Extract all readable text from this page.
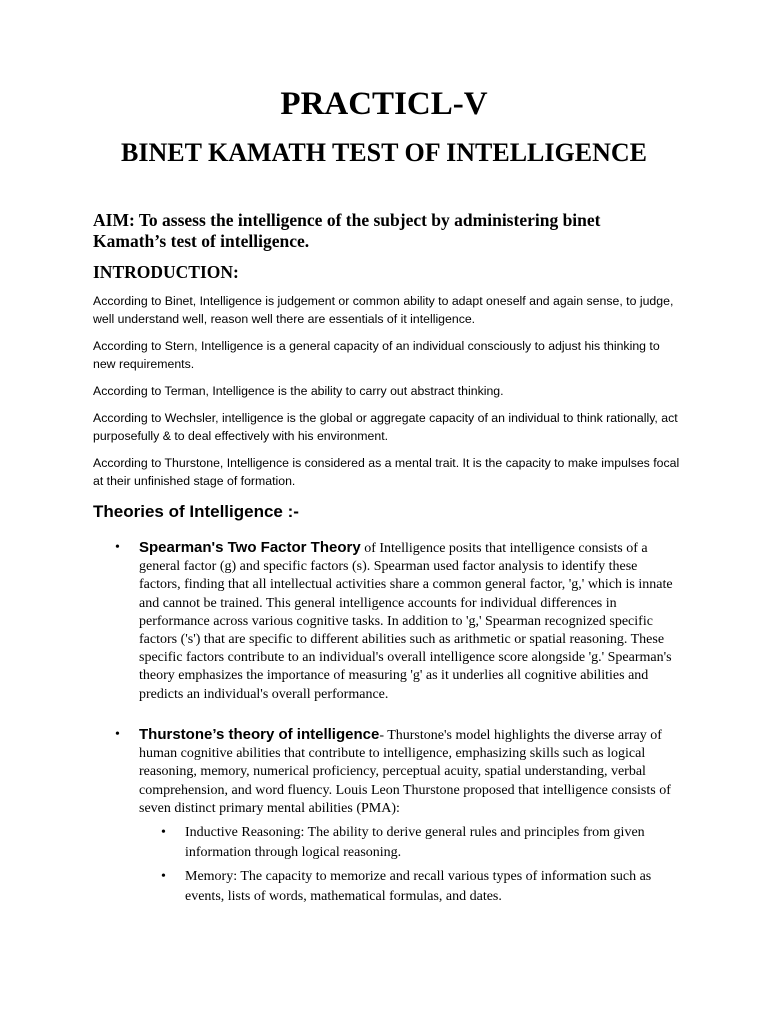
PRACTICL-V
BINET KAMATH TEST OF INTELLIGENCE

AIM: To assess the intelligence of the subject by administering binet Kamath’s test of intelligence.

INTRODUCTION:

According to Binet, Intelligence is judgement or common ability to adapt oneself and again sense, to judge, well understand well, reason well there are essentials of it intelligence.

According to Stern, Intelligence is a general capacity of an individual consciously to adjust his thinking to new requirements.

According to Terman, Intelligence is the ability to carry out abstract thinking.

According to Wechsler, intelligence is the global or aggregate capacity of an individual to think rationally, act purposefully & to deal effectively with his environment.

According to Thurstone, Intelligence is considered as a mental trait. It is the capacity to make impulses focal at their unfinished stage of formation.

Theories of Intelligence :-
• Spearman's Two Factor Theory of Intelligence posits that intelligence consists of a general factor (g) and specific factors (s). Spearman used factor analysis to identify these factors, finding that all intellectual activities share a common general factor, 'g,' which is innate and cannot be trained. This general intelligence accounts for individual differences in performance across various cognitive tasks. In addition to 'g,' Spearman recognized specific factors ('s') that are specific to different abilities such as arithmetic or spatial reasoning. These specific factors contribute to an individual's overall intelligence score alongside 'g.' Spearman's theory emphasizes the importance of measuring 'g' as it underlies all cognitive abilities and predicts an individual's overall performance.
• Thurstone’s theory of intelligence- Thurstone's model highlights the diverse array of human cognitive abilities that contribute to intelligence, emphasizing skills such as logical reasoning, memory, numerical proficiency, perceptual acuity, spatial understanding, verbal comprehension, and word fluency. Louis Leon Thurstone proposed that intelligence consists of seven distinct primary mental abilities (PMA):
• Inductive Reasoning: The ability to derive general rules and principles from given information through logical reasoning.
• Memory: The capacity to memorize and recall various types of information such as events, lists of words, mathematical formulas, and dates.
